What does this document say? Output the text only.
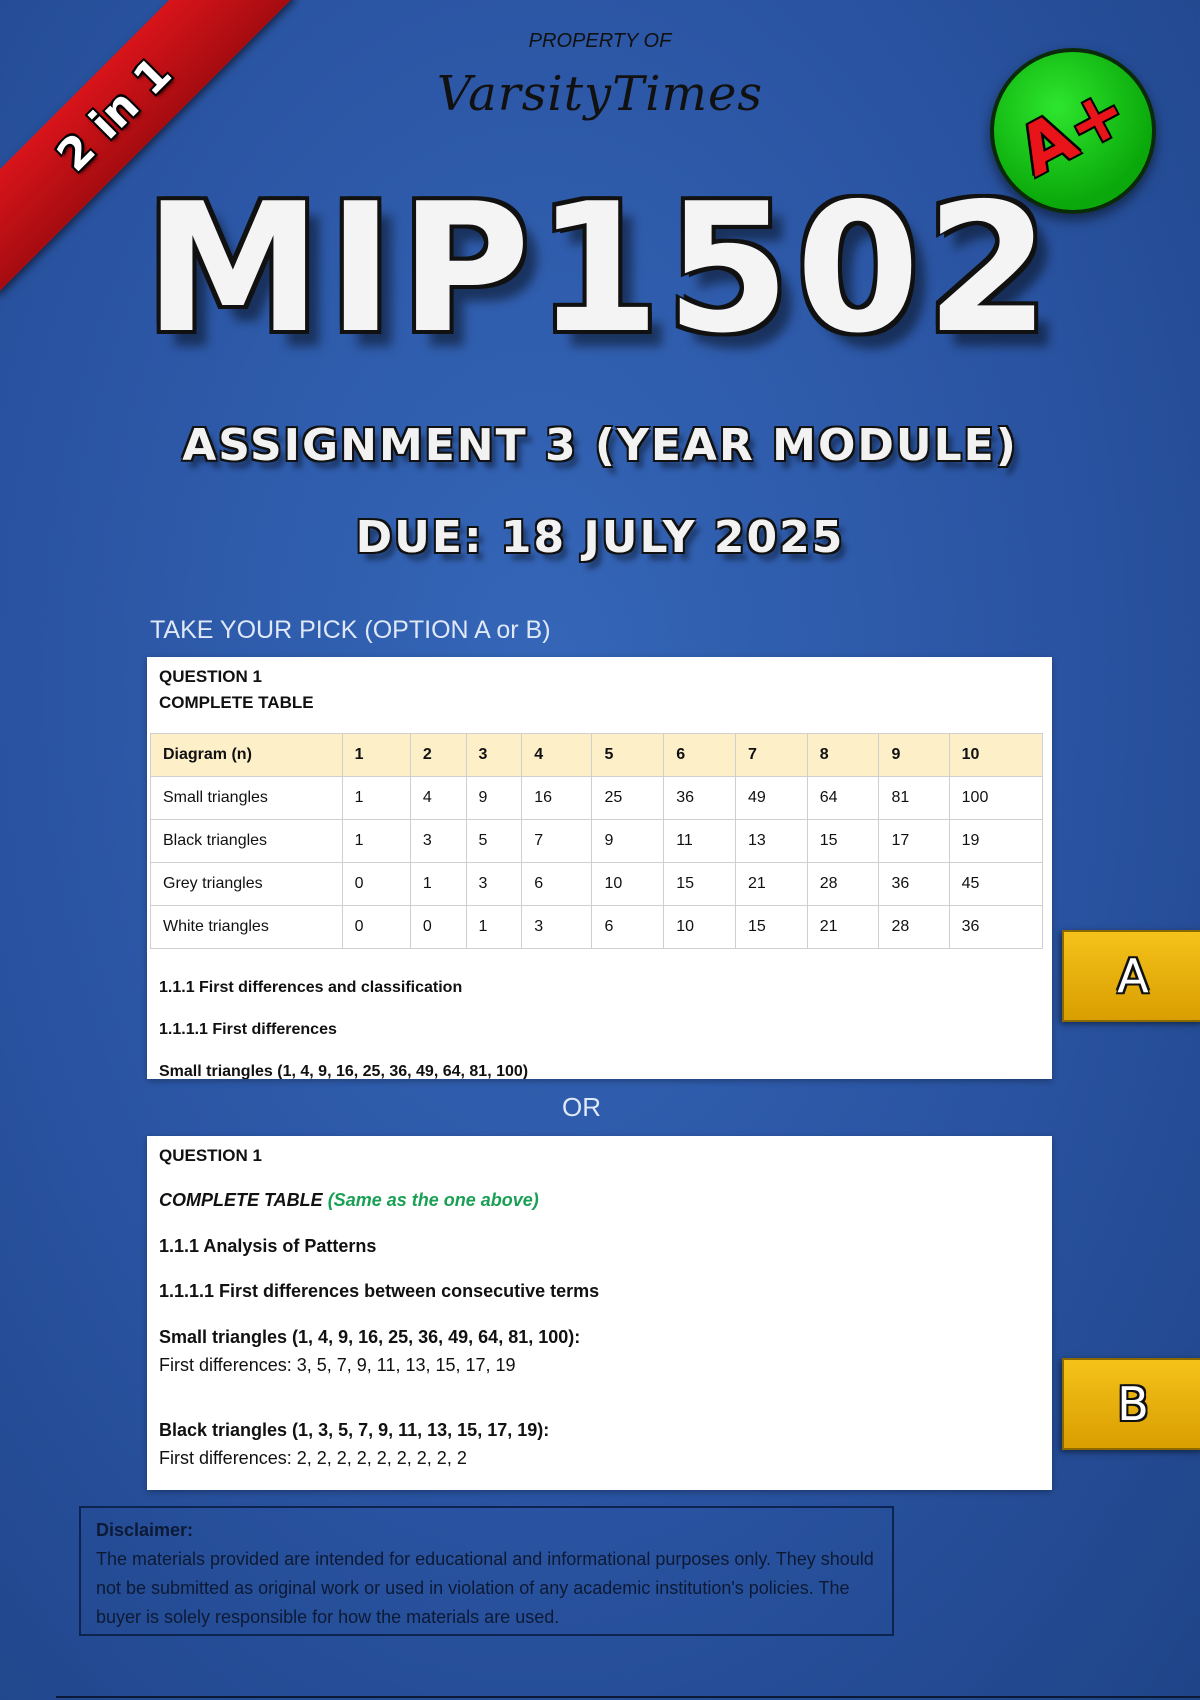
2 in 1
PROPERTY OF
VarsityTimes	A+
MIP1502
ASSIGNMENT 3 (YEAR MODULE)
DUE: 18 JULY 2025
TAKE YOUR PICK (OPTION A or B)
QUESTION 1
COMPLETE TABLE
Diagram (n)	1	2	3	4	5	6	7	8	9	10
Small triangles	1	4	9	16	25	36	49	64	81	100
Black triangles	1	3	5	7	9	11	13	15	17	19
Grey triangles	0	1	3	6	10	15	21	28	36	45
White triangles	0	0	1	3	6	10	15	21	28	36
1.1.1 First differences and classification
1.1.1.1 First differences
Small triangles (1, 4, 9, 16, 25, 36, 49, 64, 81, 100)
A
OR
QUESTION 1
COMPLETE TABLE (Same as the one above)
1.1.1 Analysis of Patterns
1.1.1.1 First differences between consecutive terms
Small triangles (1, 4, 9, 16, 25, 36, 49, 64, 81, 100):
First differences: 3, 5, 7, 9, 11, 13, 15, 17, 19
Black triangles (1, 3, 5, 7, 9, 11, 13, 15, 17, 19):
First differences: 2, 2, 2, 2, 2, 2, 2, 2, 2
B
Disclaimer:
The materials provided are intended for educational and informational purposes only. They should not be submitted as original work or used in violation of any academic institution's policies. The buyer is solely responsible for how the materials are used.
